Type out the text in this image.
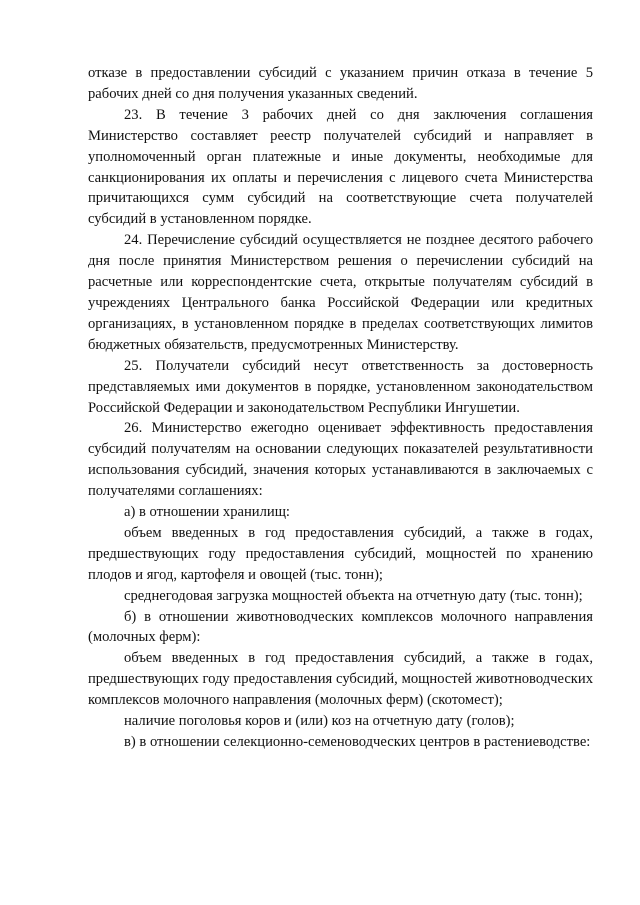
отказе в предоставлении субсидий с указанием причин отказа в течение 5 рабочих дней со дня получения указанных сведений.

23. В течение 3 рабочих дней со дня заключения соглашения Министерство составляет реестр получателей субсидий и направляет в уполномоченный орган платежные и иные документы, необходимые для санкционирования их оплаты и перечисления с лицевого счета Министерства причитающихся сумм субсидий на соответствующие счета получателей субсидий в установленном порядке.

24. Перечисление субсидий осуществляется не позднее десятого рабочего дня после принятия Министерством решения о перечислении субсидий на расчетные или корреспондентские счета, открытые получателям субсидий в учреждениях Центрального банка Российской Федерации или кредитных организациях, в установленном порядке в пределах соответствующих лимитов бюджетных обязательств, предусмотренных Министерству.

25. Получатели субсидий несут ответственность за достоверность представляемых ими документов в порядке, установленном законодательством Российской Федерации и законодательством Республики Ингушетии.

26. Министерство ежегодно оценивает эффективность предоставления субсидий получателям на основании следующих показателей результативности использования субсидий, значения которых устанавливаются в заключаемых с получателями соглашениях:

а) в отношении хранилищ:

объем введенных в год предоставления субсидий, а также в годах, предшествующих году предоставления субсидий, мощностей по хранению плодов и ягод, картофеля и овощей (тыс. тонн);

среднегодовая загрузка мощностей объекта на отчетную дату (тыс. тонн);

б) в отношении животноводческих комплексов молочного направления (молочных ферм):

объем введенных в год предоставления субсидий, а также в годах, предшествующих году предоставления субсидий, мощностей животноводческих комплексов молочного направления (молочных ферм) (скотомест);

наличие поголовья коров и (или) коз на отчетную дату (голов);

в) в отношении селекционно-семеноводческих центров в растениеводстве:
